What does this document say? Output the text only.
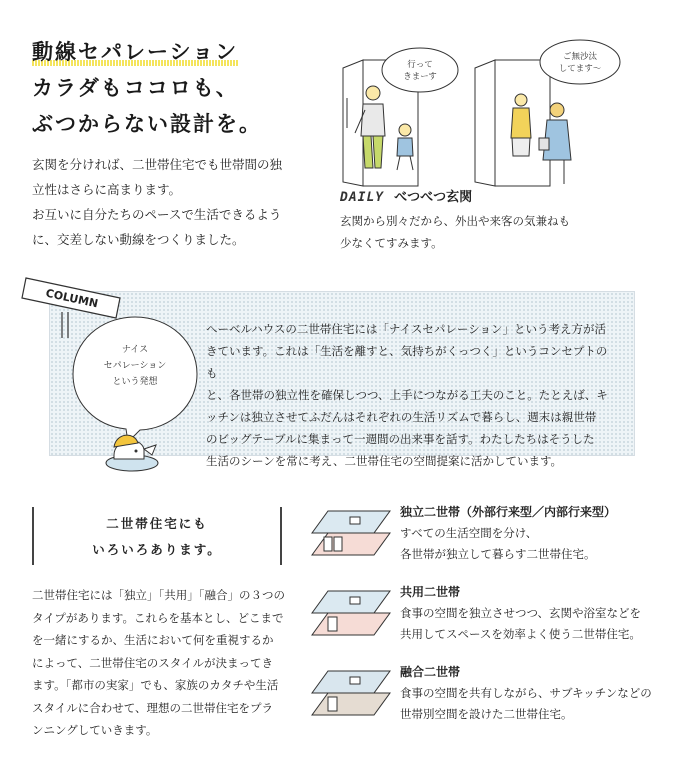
動線セパレーション
カラダもココロも、
ぶつからない設計を。

玄関を分ければ、二世帯住宅でも世帯間の独

立性はさらに高まります。

お互いに自分たちのペースで生活できるよう

に、交差しない動線をつくりました。

行って
きまーす
ご無沙汰
してます〜
DAILY べつべつ玄関

玄関から別々だから、外出や来客の気兼ねも

少なくてすみます。

COLUMN

ナイス

セパレーション

という発想

へーベルハウスの二世帯住宅には「ナイスセパレーション」という考え方が活

きています。これは「生活を離すと、気持ちがくっつく」というコンセプトのも

と、各世帯の独立性を確保しつつ、上手につながる工夫のこと。たとえば、キ

ッチンは独立させてふだんはそれぞれの生活リズムで暮らし、週末は親世帯

のビッグテーブルに集まって一週間の出来事を話す。わたしたちはそうした

生活のシーンを常に考え、二世帯住宅の空間提案に活かしています。

二世帯住宅にも

いろいろあります。

二世帯住宅には「独立」「共用」「融合」の３つの

タイプがあります。これらを基本とし、どこまで

を一緒にするか、生活において何を重視するか

によって、二世帯住宅のスタイルが決まってき

ます。「都市の実家」でも、家族のカタチや生活

スタイルに合わせて、理想の二世帯住宅をプラ

ンニングしていきます。

独立二世帯（外部行来型／内部行来型）

すべての生活空間を分け、

各世帯が独立して暮らす二世帯住宅。

共用二世帯

食事の空間を独立させつつ、玄関や浴室などを

共用してスペースを効率よく使う二世帯住宅。

融合二世帯

食事の空間を共有しながら、サブキッチンなどの

世帯別空間を設けた二世帯住宅。
